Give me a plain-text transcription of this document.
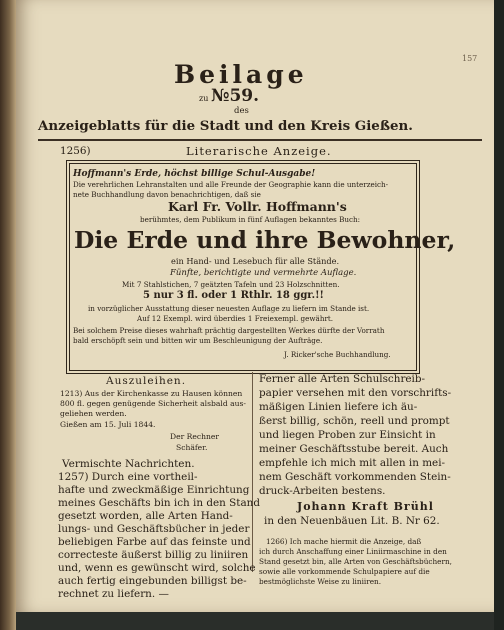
157
Beilage
zu №59.
des
Anzeigeblatts für die Stadt und den Kreis Gießen.
1256)	Literarische Anzeige.
Hoffmann's Erde, höchst billige Schul-Ausgabe!
Die verehrlichen Lehranstalten und alle Freunde der Geographie kann die unterzeich-
nete Buchhandlung davon benachrichtigen, daß sie
Karl Fr. Vollr. Hoffmann's
berühmtes, dem Publikum in fünf Auflagen bekanntes Buch:
Die Erde und ihre Bewohner,
ein Hand- und Lesebuch für alle Stände.
Fünfte, berichtigte und vermehrte Auflage.
Mit 7 Stahlstichen, 7 geätzten Tafeln und 23 Holzschnitten.
5 nur 3 fl. oder 1 Rthlr. 18 ggr.!!
in vorzüglicher Ausstattung dieser neuesten Auflage zu liefern im Stande ist.
Auf 12 Exempl. wird überdies 1 Freiexempl. gewährt.
Bei solchem Preise dieses wahrhaft prächtig dargestellten Werkes dürfte der Vorrath
bald erschöpft sein und bitten wir um Beschleunigung der Aufträge.
J. Ricker'sche Buchhandlung.
Auszuleihen.
1213) Aus der Kirchenkasse zu Hausen können
800 fl. gegen genügende Sicherheit alsbald aus-
geliehen werden.
Gießen am 15. Juli 1844.
Der Rechner
Schäfer.
Vermischte Nachrichten.
1257) Durch eine vortheil-
hafte und zweckmäßige Einrichtung
meines Geschäfts bin ich in den Stand
gesetzt worden, alle Arten Hand-
lungs- und Geschäftsbücher in jeder
beliebigen Farbe auf das feinste und
correcteste äußerst billig zu liniiren
und, wenn es gewünscht wird, solche
auch fertig eingebunden billigst be-
rechnet zu liefern. —
Ferner alle Arten Schulschreib-
papier versehen mit den vorschrifts-
mäßigen Linien liefere ich äu-
ßerst billig, schön, reell und prompt
und liegen Proben zur Einsicht in
meiner Geschäftsstube bereit. Auch
empfehle ich mich mit allen in mei-
nem Geschäft vorkommenden Stein-
druck-Arbeiten bestens.
Johann Kraft Brühl
in den Neuenbäuen Lit. B. Nr 62.
1266) Ich mache hiermit die Anzeige, daß
ich durch Anschaffung einer Liniirmaschine in den
Stand gesetzt bin, alle Arten von Geschäftsbüchern,
sowie alle vorkommende Schulpapiere auf die
bestmöglichste Weise zu liniiren.
